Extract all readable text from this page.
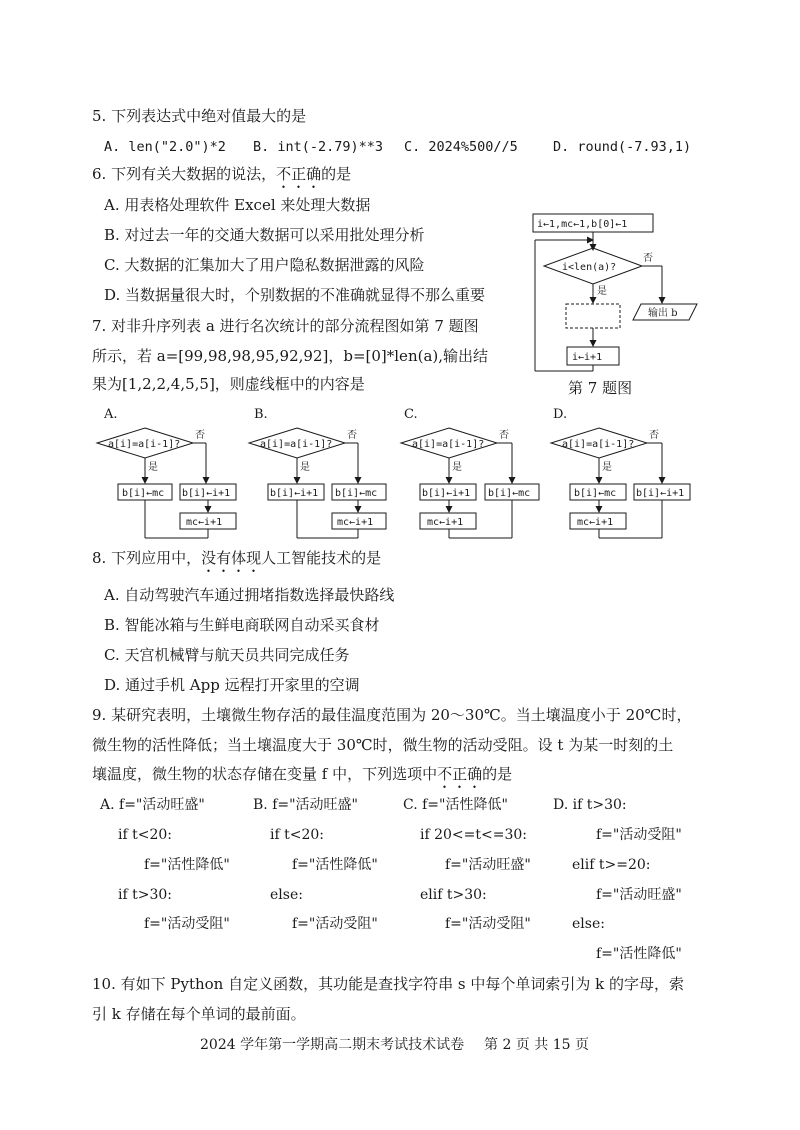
5. 下列表达式中绝对值最大的是
A. len("2.0")*2 B. int(-2.79)**3 C. 2024%500//5	D. round(-7.93,1)
6. 下列有关大数据的说法，不正确的是
A. 用表格处理软件 Excel 来处理大数据
B. 对过去一年的交通大数据可以采用批处理分析
C. 大数据的汇集加大了用户隐私数据泄露的风险
D. 当数据量很大时，个别数据的不准确就显得不那么重要
7. 对非升序列表 a 进行名次统计的部分流程图如第 7 题图
所示，若 a=[99,98,98,95,92,92]，b=[0]*len(a),输出结
果为[1,2,2,4,5,5]，则虚线框中的内容是
i←1,mc←1,b[0]←1
i<len(a)?
否
是
输出 b
i←i+1
A.
a[i]=a[i-1]?
否
是
b[i]←mc b[i]←i+1
mc←i+1
B.
a[i]=a[i-1]?
否
是
b[i]←i+1 b[i]←mc
mc←i+1
C.
a[i]=a[i-1]?
否
是
b[i]←i+1 b[i]←mc
mc←i+1
D.
a[i]=a[i-1]?
否
是
b[i]←mc b[i]←i+1
mc←i+1
第 7 题图
8. 下列应用中，没有体现人工智能技术的是
A. 自动驾驶汽车通过拥堵指数选择最快路线
B. 智能冰箱与生鲜电商联网自动采买食材
C. 天宫机械臂与航天员共同完成任务
D. 通过手机 App 远程打开家里的空调
9. 某研究表明，土壤微生物存活的最佳温度范围为 20～30℃。当土壤温度小于 20℃时，
微生物的活性降低；当土壤温度大于 30℃时，微生物的活动受阻。设 t 为某一时刻的土
壤温度，微生物的状态存储在变量 f 中，下列选项中不正确的是
A. f="活动旺盛"
if t<20:
f="活性降低"
if t>30:
f="活动受阻"
B. f="活动旺盛"
if t<20:
f="活性降低"
else:
f="活动受阻"
C. f="活性降低"
if 20<=t<=30:
f="活动旺盛"
elif t>30:
f="活动受阻"
D. if t>30:
f="活动受阻"
elif t>=20:
f="活动旺盛"
else:
f="活性降低"
10. 有如下 Python 自定义函数，其功能是查找字符串 s 中每个单词索引为 k 的字母，索
引 k 存储在每个单词的最前面。
2024 学年第一学期高二期末考试技术试卷 第 2 页 共 15 页
